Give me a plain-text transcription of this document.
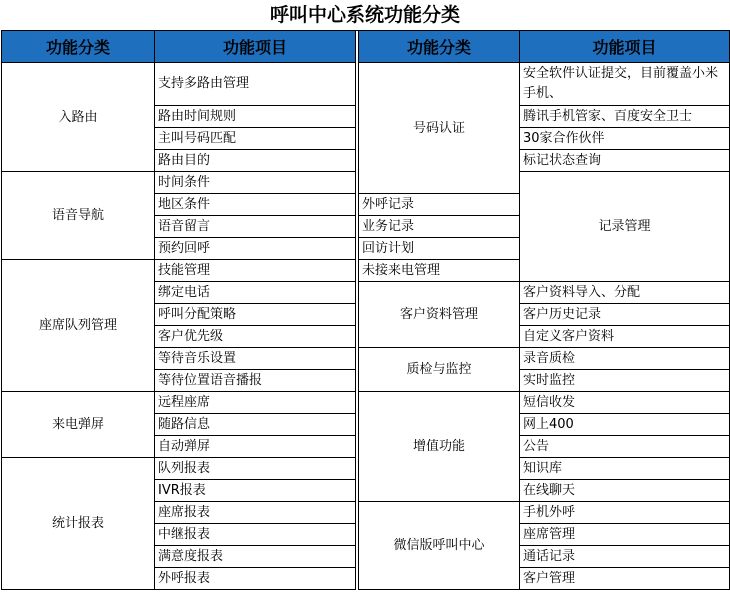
呼叫中心系统功能分类
功能分类	功能项目		功能分类	功能项目	
入路由	支持多路由管理		号码认证	安全软件认证提交，目前覆盖小米手机、	
	路由时间规则			腾讯手机管家、百度安全卫士	
	主叫号码匹配			30家合作伙伴	
	路由目的			标记状态查询	
语音导航	时间条件			记录管理	
	地区条件		外呼记录		
	语音留言		业务记录		
	预约回呼		回访计划		
座席队列管理	技能管理		未接来电管理		
	绑定电话		客户资料管理	客户资料导入、分配	
	呼叫分配策略			客户历史记录	
	客户优先级			自定义客户资料	
	等待音乐设置		质检与监控	录音质检	
	等待位置语音播报			实时监控	
来电弹屏	远程座席		增值功能	短信收发	
	随路信息			网上400	
	自动弹屏			公告	
统计报表	队列报表			知识库	
	IVR报表			在线聊天	
	座席报表		微信版呼叫中心	手机外呼	
	中继报表			座席管理	
	满意度报表			通话记录	
	外呼报表			客户管理	
